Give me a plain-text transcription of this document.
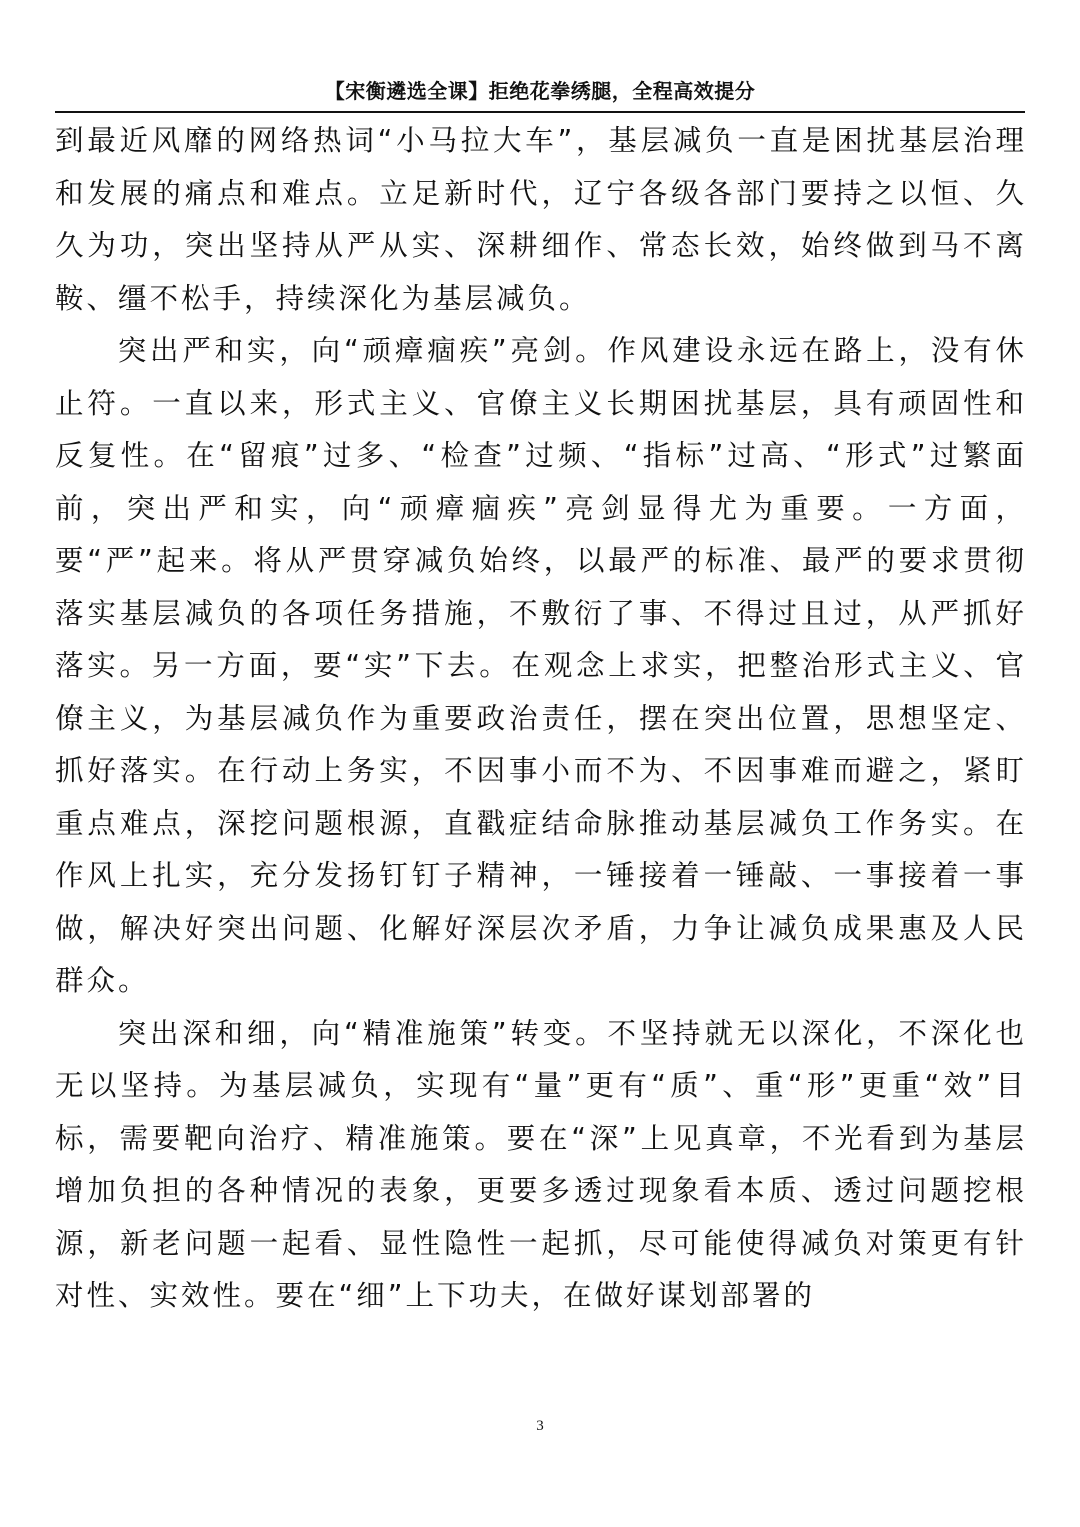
【宋衡遴选全课】拒绝花拳绣腿，全程高效提分

到最近风靡的网络热词“小马拉大车”，基层减负一直是困扰基层治理和发展的痛点和难点。立足新时代，辽宁各级各部门要持之以恒、久久为功，突出坚持从严从实、深耕细作、常态长效，始终做到马不离鞍、缰不松手，持续深化为基层减负。

突出严和实，向“顽瘴痼疾”亮剑。作风建设永远在路上，没有休止符。一直以来，形式主义、官僚主义长期困扰基层，具有顽固性和反复性。在“留痕”过多、“检查”过频、“指标”过高、“形式”过繁面前，突出严和实，向“顽瘴痼疾”亮剑显得尤为重要。一方面，要“严”起来。将从严贯穿减负始终，以最严的标准、最严的要求贯彻落实基层减负的各项任务措施，不敷衍了事、不得过且过，从严抓好落实。另一方面，要“实”下去。在观念上求实，把整治形式主义、官僚主义，为基层减负作为重要政治责任，摆在突出位置，思想坚定、抓好落实。在行动上务实，不因事小而不为、不因事难而避之，紧盯重点难点，深挖问题根源，直戳症结命脉推动基层减负工作务实。在作风上扎实，充分发扬钉钉子精神，一锤接着一锤敲、一事接着一事做，解决好突出问题、化解好深层次矛盾，力争让减负成果惠及人民群众。

突出深和细，向“精准施策”转变。不坚持就无以深化，不深化也无以坚持。为基层减负，实现有“量”更有“质”、重“形”更重“效”目标，需要靶向治疗、精准施策。要在“深”上见真章，不光看到为基层增加负担的各种情况的表象，更要多透过现象看本质、透过问题挖根源，新老问题一起看、显性隐性一起抓，尽可能使得减负对策更有针对性、实效性。要在“细”上下功夫，在做好谋划部署的

3
